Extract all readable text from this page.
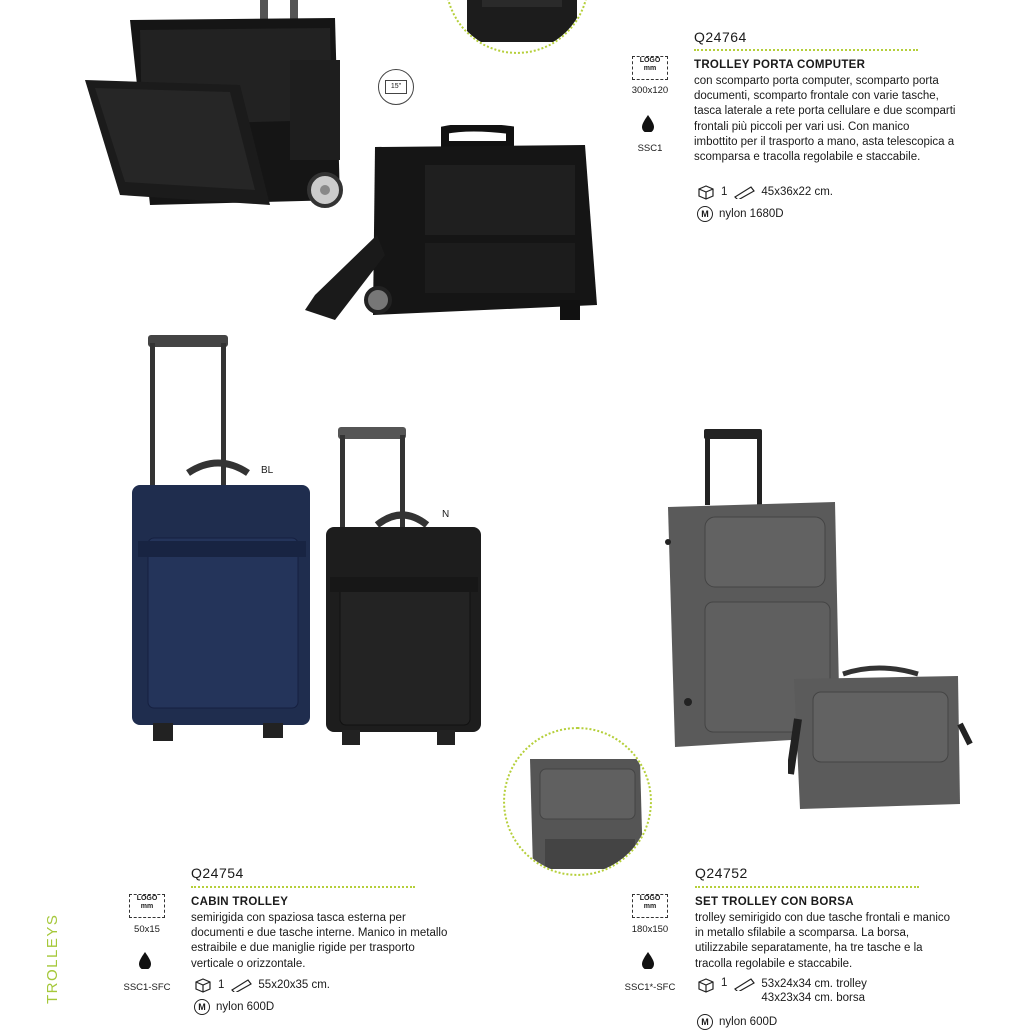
15"
Q24764
TROLLEY PORTA COMPUTER
con scomparto porta computer, scomparto porta documenti, scomparto frontale con varie tasche, tasca laterale a rete porta cellulare e due scomparti frontali più piccoli per vari usi. Con manico imbottito per il trasporto a mano, asta telescopica a scomparsa e tracolla regolabile e staccabile.
LOGO
mm
300x120
SSC1
1	45x36x22 cm.
M nylon 1680D
BL
N
Q24754
CABIN TROLLEY
semirigida con spaziosa tasca esterna per documenti e due tasche interne. Manico in metallo estraibile e due maniglie rigide per trasporto verticale o orizzontale.
LOGO
mm
50x15
SSC1-SFC	1	55x20x35 cm.
M nylon 600D
Q24752
SET TROLLEY CON BORSA
trolley semirigido con due tasche frontali e manico in metallo sfilabile a scomparsa. La borsa, utilizzabile separatamente, ha tre tasche e la tracolla regolabile e staccabile.
LOGO
mm
180x150
SSC1*-SFC	1	53x24x34 cm. trolley
43x23x34 cm. borsa
M nylon 600D
TROLLEYS
